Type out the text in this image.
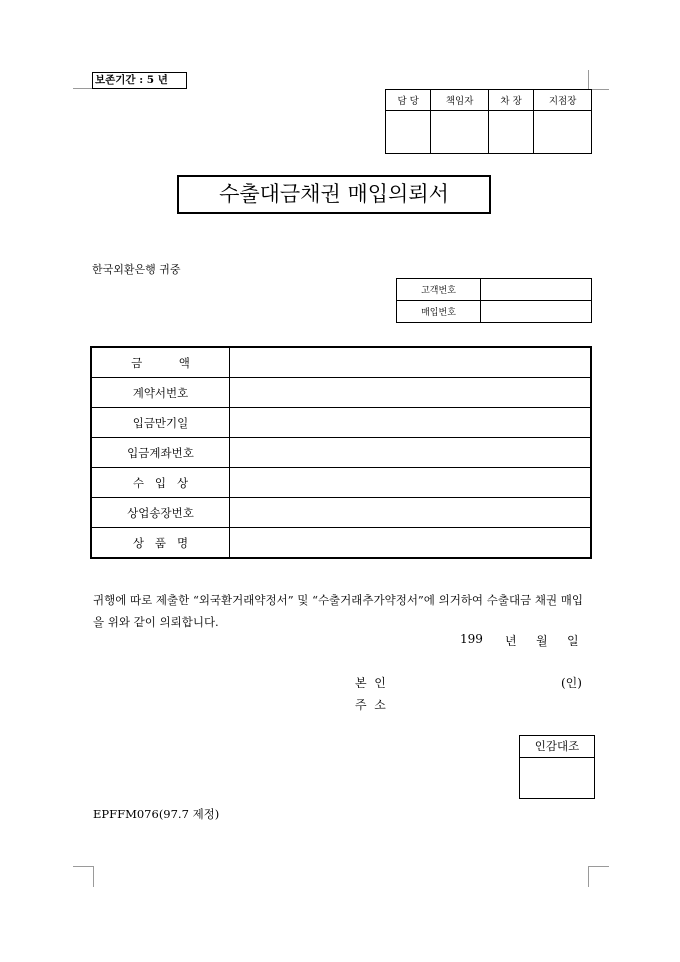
보존기간 : 5 년
담 당	책임자	차 장	지점장

수출대금채권 매입의뢰서
한국외환은행 귀중
고객번호	
매입번호	
금          액	
계약서번호	
입금만기일	
입금계좌번호	
수   입   상	
상업송장번호	
상   품   명	
귀행에 따로 제출한 “외국환거래약정서” 및 “수출거래추가약정서”에 의거하여 수출대금 채권 매입을 위와 같이 의뢰합니다.
199 년 월 일
본  인	(인)
주  소
인감대조
EPFFM076(97.7 제정)
